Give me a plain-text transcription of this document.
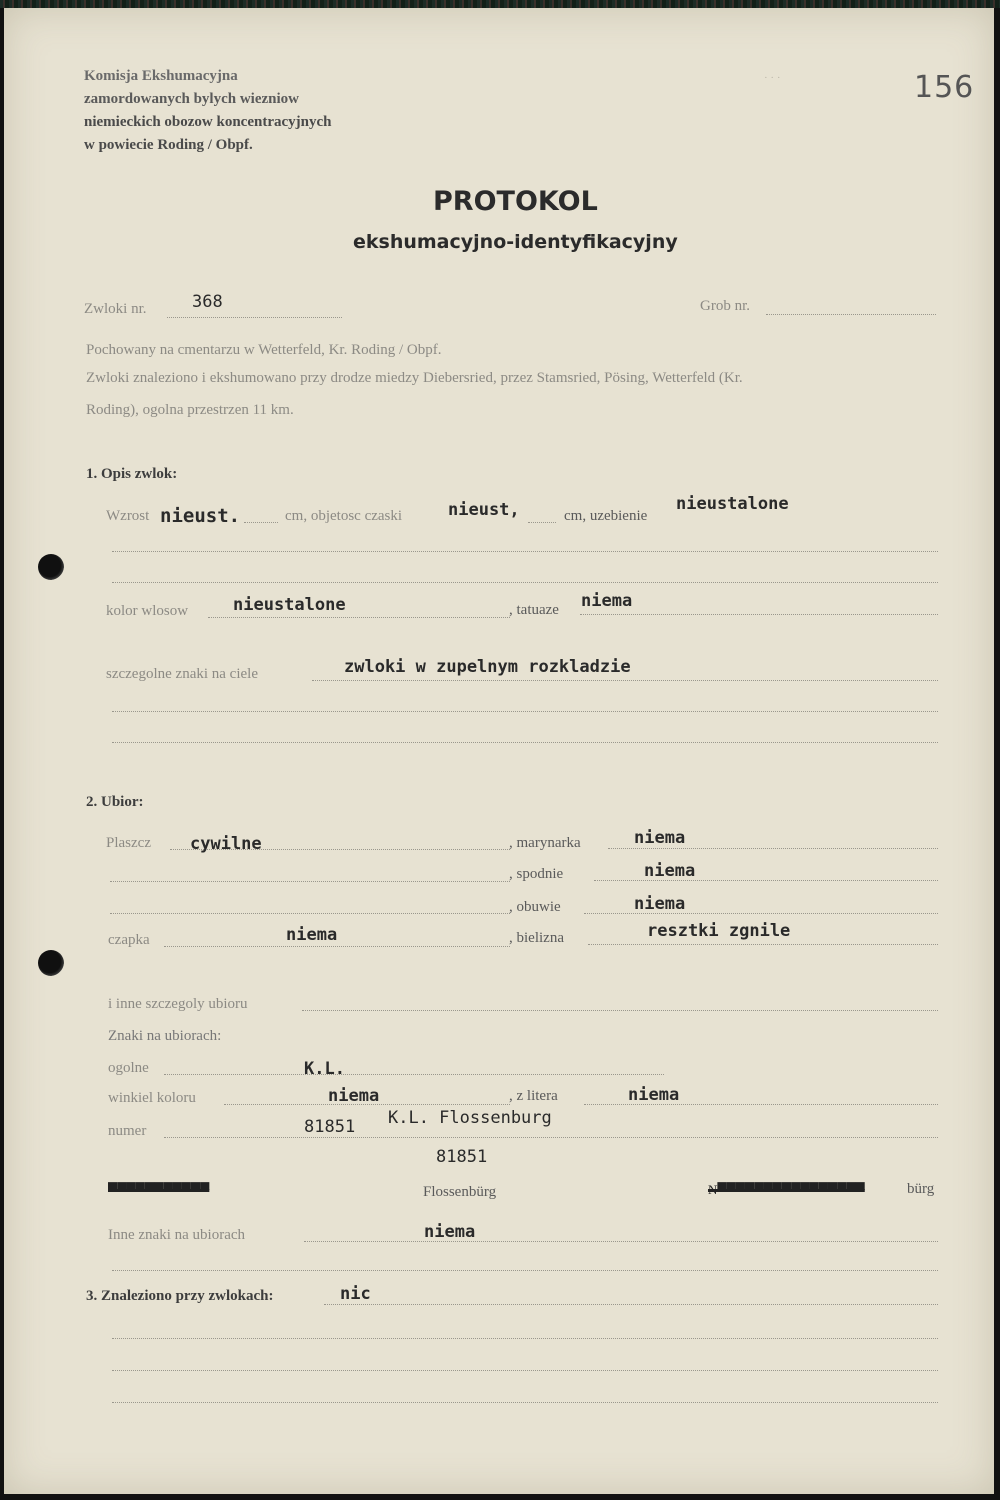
· · ·	156
Komisja Ekshumacyjna
zamordowanych bylych wiezniow
niemieckich obozow koncentracyjnych
w powiecie Roding / Obpf.
PROTOKOL
ekshumacyjno-identyfikacyjny
Zwloki nr.	368	Grob nr.
Pochowany na cmentarzu w Wetterfeld, Kr. Roding / Obpf.
Zwloki znaleziono i ekshumowano przy drodze miedzy Diebersried, przez Stamsried, Pösing, Wetterfeld (Kr.
Roding), ogolna przestrzen 11 km.
1. Opis zwlok:
Wzrost nieust.	cm, objetosc czaski	nieust,	cm, uzebienie
nieustalone
kolor wlosow	nieustalone	, tatuaze niema
szczegolne znaki na ciele	zwloki w zupelnym rozkladzie
2. Ubior:
Plaszcz cywilne	, marynarka	niema
, spodnie	niema
, obuwie	niema
czapka	niema	, bielizna	resztki zgnile
i inne szczegoly ubioru
Znaki na ubiorach:
ogolne	K.L.
winkiel koloru	niema	, z litera	niema
numer	81851 K.L. Flossenburg
81851
▀▀▀▀▀▀▀▀▀▀▀	Flossenbürg	N▀▀▀▀▀▀▀▀▀▀▀▀▀▀▀▀	bürg
Inne znaki na ubiorach	niema
3. Znaleziono przy zwlokach:	nic
